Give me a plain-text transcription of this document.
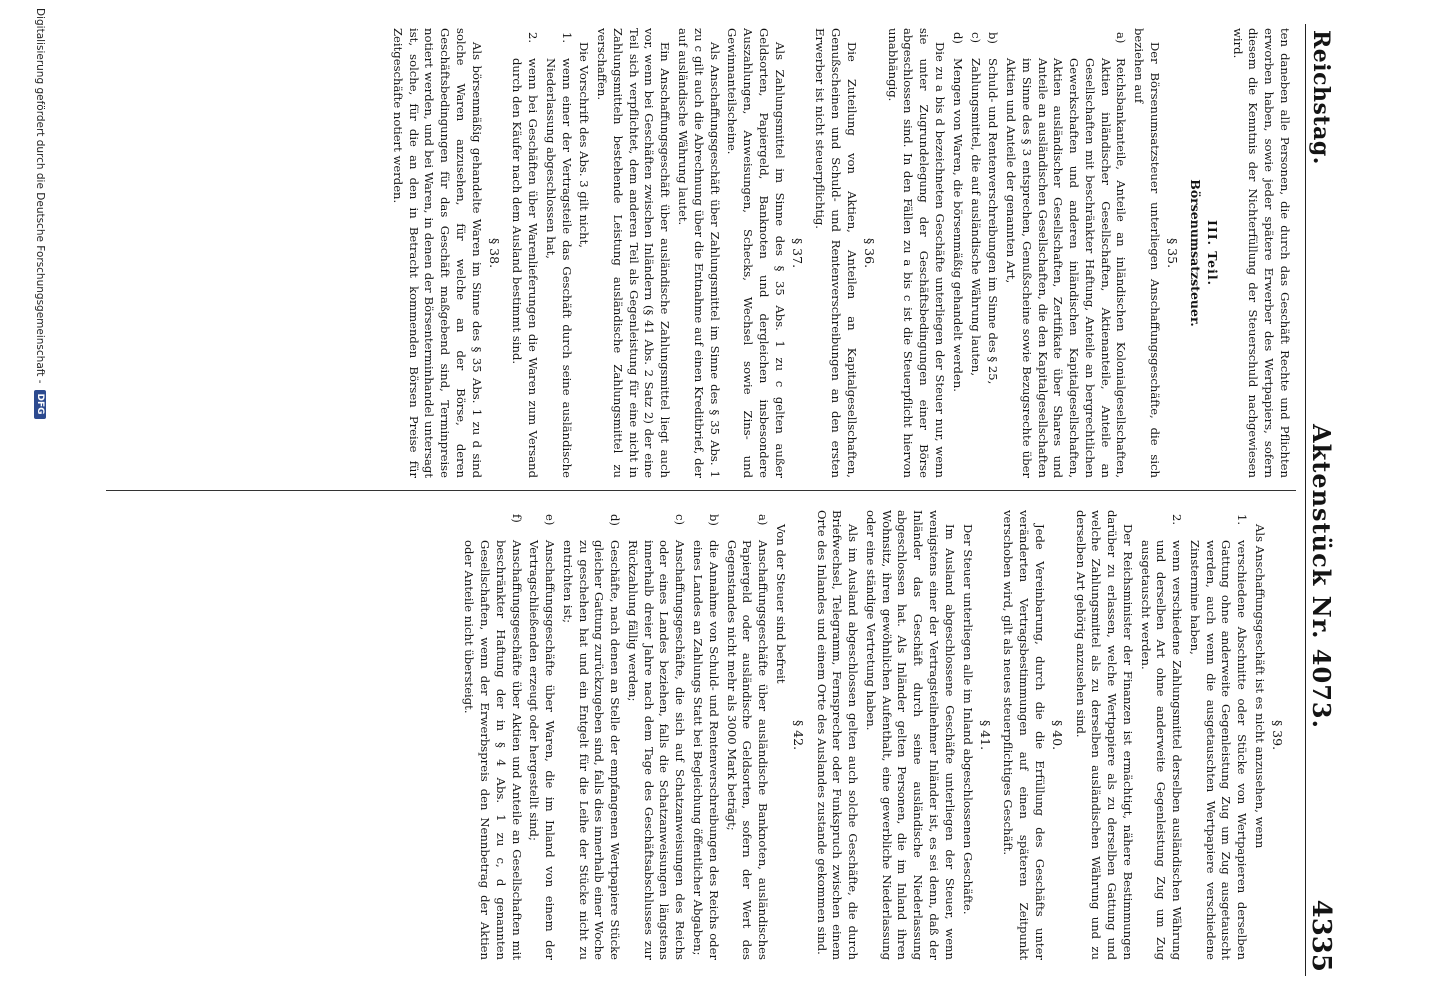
Reichstag.
Aktenstück Nr. 4073.
4335

ten daneben alle Personen, die durch das Geschäft Rechte und Pflichten erworben haben, sowie jeder spätere Erwerber des Wertpapiers, sofern diesem die Kenntnis der Nichterfüllung der Steuerschuld nachgewiesen wird.

III. Teil.
Börsenumsatzsteuer.
§ 35.

Der Börsenumsatzsteuer unterliegen Anschaffungsgeschäfte, die sich beziehen auf

a)
Reichsbankanteile, Anteile an inländischen Kolonialgesellschaften, Aktien inländischer Gesellschaften, Aktienanteile, Anteile an Gesellschaften mit beschränkter Haftung, Anteile an bergrechtlichen Gewerkschaften und anderen inländischen Kapitalgesellschaften, Aktien ausländischer Gesellschaften, Zertifikate über Shares und Anteile an ausländischen Gesellschaften, die den Kapitalgesellschaften im Sinne des § 3 entsprechen, Genußscheine sowie Bezugsrechte über Aktien und Anteile der genannten Art,
b)
Schuld- und Rentenverschreibungen im Sinne des § 25,
c)
Zahlungsmittel, die auf ausländische Währung lauten,
d)
Mengen von Waren, die börsenmäßig gehandelt werden.

Die zu a bis d bezeichneten Geschäfte unterliegen der Steuer nur, wenn sie unter Zugrundelegung der Geschäftsbedingungen einer Börse abgeschlossen sind. In den Fällen zu a bis c ist die Steuerpflicht hiervon unabhängig.

§ 36.

Die Zuteilung von Aktien, Anteilen an Kapitalgesellschaften, Genußscheinen und Schuld- und Rentenverschreibungen an den ersten Erwerber ist nicht steuerpflichtig.

§ 37.

Als Zahlungsmittel im Sinne des § 35 Abs. 1 zu c gelten außer Geldsorten, Papiergeld, Banknoten und dergleichen insbesondere Auszahlungen, Anweisungen, Schecks, Wechsel sowie Zins- und Gewinnanteilscheine.

Als Anschaffungsgeschäft über Zahlungsmittel im Sinne des § 35 Abs. 1 zu c gilt auch die Abrechnung über die Entnahme auf einen Kreditbrief, der auf ausländische Währung lautet.

Ein Anschaffungsgeschäft über ausländische Zahlungsmittel liegt auch vor, wenn bei Geschäften zwischen Inländern (§ 41 Abs. 2 Satz 2) der eine Teil sich verpflichtet, dem anderen Teil als Gegenleistung für eine nicht in Zahlungsmitteln bestehende Leistung ausländische Zahlungsmittel zu verschaffen.

Die Vorschrift des Abs. 3 gilt nicht,

1.
wenn einer der Vertragsteile das Geschäft durch seine ausländische Niederlassung abgeschlossen hat,
2.
wenn bei Geschäften über Warenlieferungen die Waren zum Versand durch den Käufer nach dem Ausland bestimmt sind.
§ 38.

Als börsenmäßig gehandelte Waren im Sinne des § 35 Abs. 1 zu d sind solche Waren anzusehen, für welche an der Börse, deren Geschäftsbedingungen für das Geschäft maßgebend sind, Terminpreise notiert werden, und bei Waren, in denen der Börsenterminhandel untersagt ist, solche, für die an den in Betracht kommenden Börsen Preise für Zeitgeschäfte notiert werden.

§ 39.

Als Anschaffungsgeschäft ist es nicht anzusehen, wenn

1.
verschiedene Abschnitte oder Stücke von Wertpapieren derselben Gattung ohne anderweite Gegenleistung Zug um Zug ausgetauscht werden, auch wenn die ausgetauschten Wertpapiere verschiedene Zinstermine haben,
2.
wenn verschiedene Zahlungsmittel derselben ausländischen Währung und derselben Art ohne anderweite Gegenleistung Zug um Zug ausgetauscht werden.

Der Reichsminister der Finanzen ist ermächtigt, nähere Bestimmungen darüber zu erlassen, welche Wertpapiere als zu derselben Gattung und welche Zahlungsmittel als zu derselben ausländischen Währung und zu derselben Art gehörig anzusehen sind.

§ 40.

Jede Vereinbarung, durch die die Erfüllung des Geschäfts unter veränderten Vertragsbestimmungen auf einen späteren Zeitpunkt verschoben wird, gilt als neues steuerpflichtiges Geschäft.

§ 41.

Der Steuer unterliegen alle im Inland abgeschlossenen Geschäfte.

Im Ausland abgeschlossene Geschäfte unterliegen der Steuer, wenn wenigstens einer der Vertragsteilnehmer Inländer ist, es sei denn, daß der Inländer das Geschäft durch seine ausländische Niederlassung abgeschlossen hat. Als Inländer gelten Personen, die im Inland ihren Wohnsitz, ihren gewöhnlichen Aufenthalt, eine gewerbliche Niederlassung oder eine ständige Vertretung haben.

Als im Ausland abgeschlossen gelten auch solche Geschäfte, die durch Briefwechsel, Telegramm, Fernsprecher oder Funkspruch zwischen einem Orte des Inlandes und einem Orte des Auslandes zustande gekommen sind.

§ 42.

Von der Steuer sind befreit

a)
Anschaffungsgeschäfte über ausländische Banknoten, ausländisches Papiergeld oder ausländische Geldsorten, sofern der Wert des Gegenstandes nicht mehr als 3000 Mark beträgt;
b)
die Annahme von Schuld- und Rentenverschreibungen des Reichs oder eines Landes an Zahlungs Statt bei Begleichung öffentlicher Abgaben;
c)
Anschaffungsgeschäfte, die sich auf Schatzanweisungen des Reichs oder eines Landes beziehen, falls die Schatzanweisungen längstens innerhalb dreier Jahre nach dem Tage des Geschäftsabschlusses zur Rückzahlung fällig werden;
d)
Geschäfte, nach denen an Stelle der empfangenen Wertpapiere Stücke gleicher Gattung zurückzugeben sind, falls dies innerhalb einer Woche zu geschehen hat und ein Entgelt für die Leihe der Stücke nicht zu entrichten ist;
e)
Anschaffungsgeschäfte über Waren, die im Inland von einem der Vertragschließenden erzeugt oder hergestellt sind;
f)
Anschaffungsgeschäfte über Aktien und Anteile an Gesellschaften mit beschränkter Haftung der in § 4 Abs. 1 zu c, d genannten Gesellschaften, wenn der Erwerbspreis den Nennbetrag der Aktien oder Anteile nicht übersteigt.
Digitalisierung gefördert durch die Deutsche Forschungsgemeinschaft -DFG
